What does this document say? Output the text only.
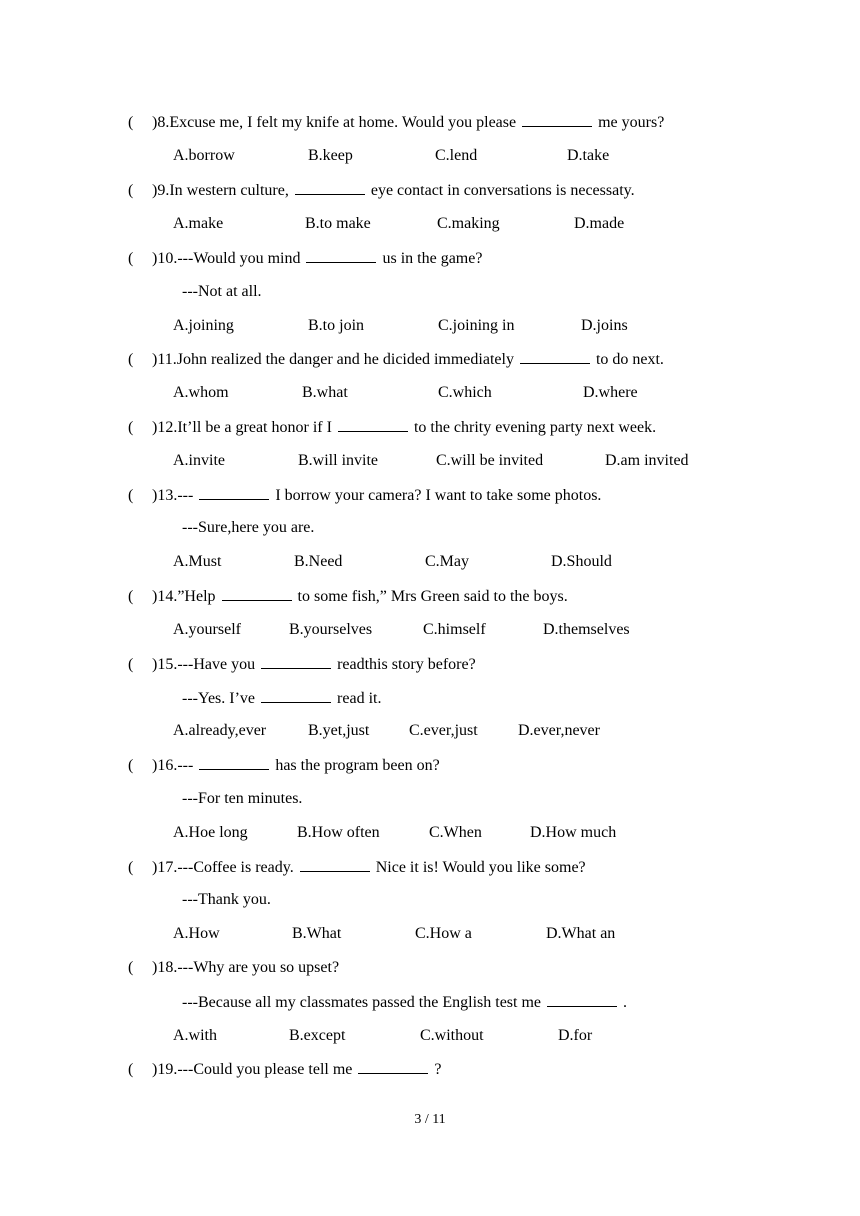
( )8.Excuse me, I felt my knife at home. Would you please	me yours?
A.borrow	B.keep	C.lend	D.take
( )9.In western culture,	eye contact in conversations is necessaty.
A.make	B.to make	C.making	D.made
( )10.---Would you mind	us in the game?
---Not at all.
A.joining	B.to join	C.joining in	D.joins
( )11.John realized the danger and he dicided immediately	to do next.
A.whom	B.what	C.which	D.where
( )12.It’ll be a great honor if I	to the chrity evening party next week.
A.invite	B.will invite	C.will be invited	D.am invited
( )13.---	I borrow your camera? I want to take some photos.
---Sure,here you are.
A.Must	B.Need	C.May	D.Should
( )14.”Help	to some fish,” Mrs Green said to the boys.
A.yourself	B.yourselves	C.himself	D.themselves
( )15.---Have you	readthis story before?
---Yes. I’ve	read it.
A.already,ever	B.yet,just C.ever,just	D.ever,never
( )16.---	has the program been on?
---For ten minutes.
A.Hoe long	B.How often	C.When	D.How much
( )17.---Coffee is ready.	Nice it is! Would you like some?
---Thank you.
A.How	B.What	C.How a	D.What an
( )18.---Why are you so upset?
---Because all my classmates passed the English test me	.
A.with	B.except	C.without	D.for
( )19.---Could you please tell me	?
3 / 11
